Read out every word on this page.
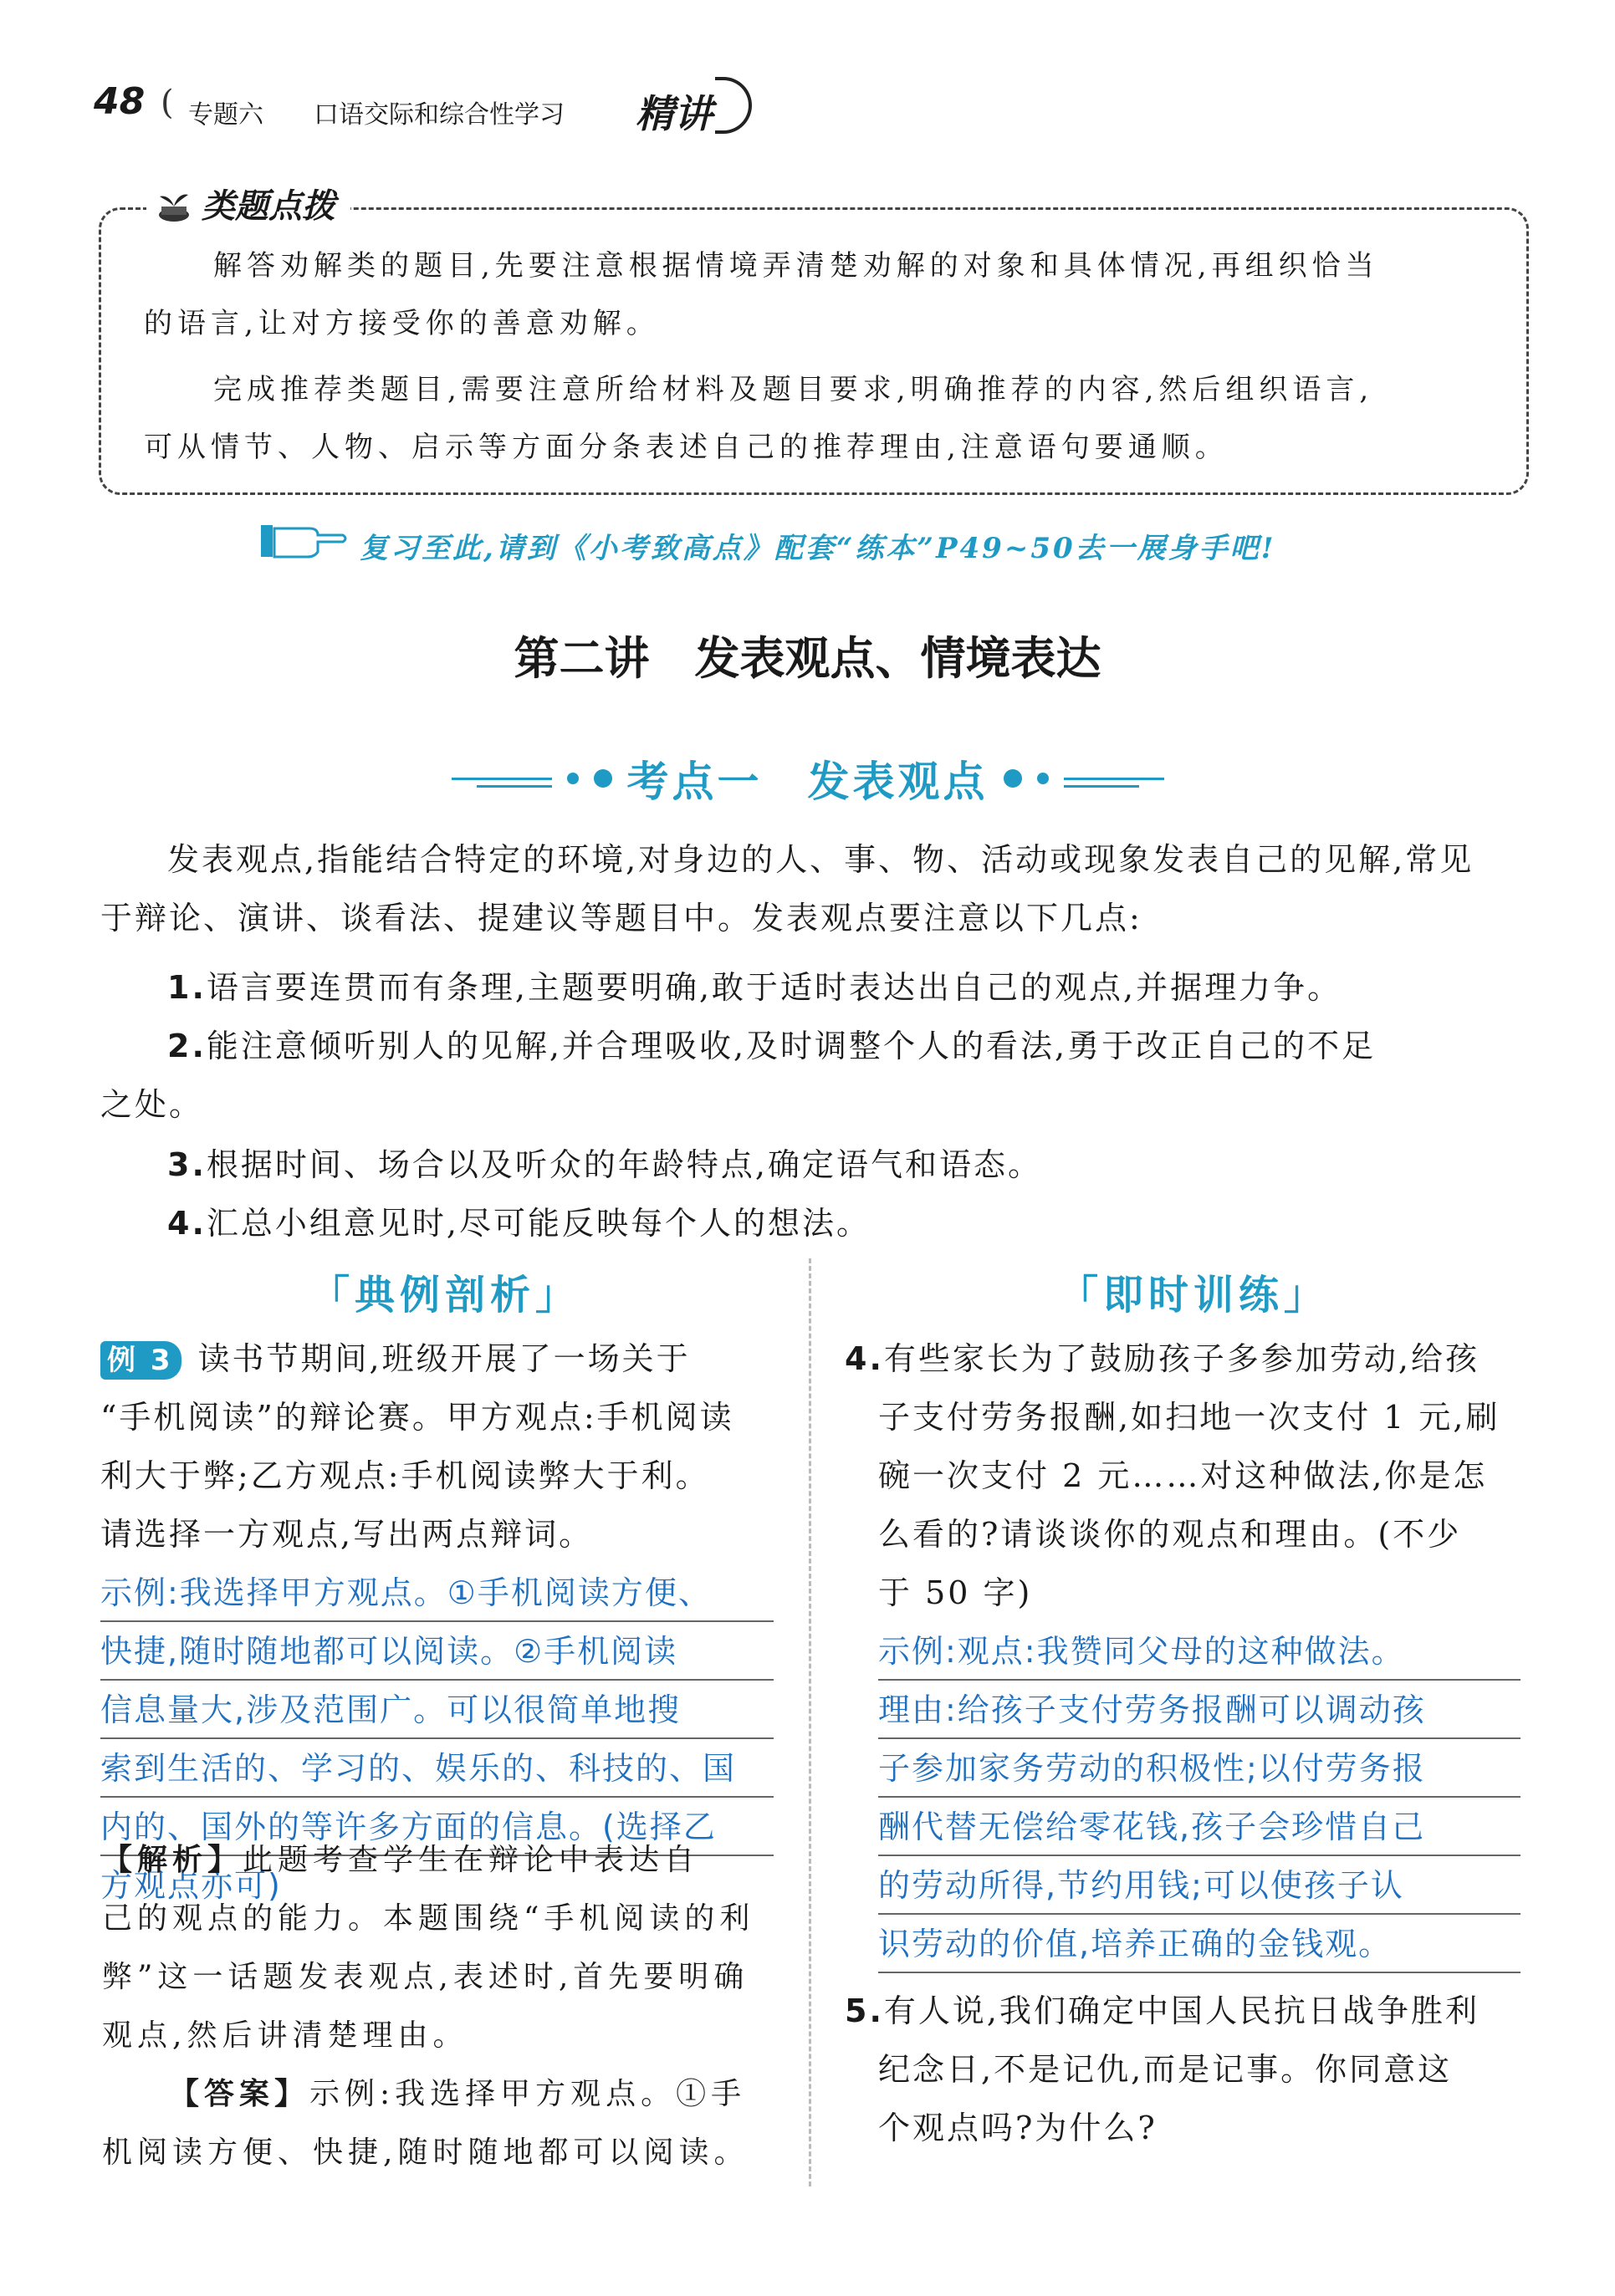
48 ( 专题六 口语交际和综合性学习 精讲
类题点拨
解答劝解类的题目,先要注意根据情境弄清楚劝解的对象和具体情况,再组织恰当
的语言,让对方接受你的善意劝解。
完成推荐类题目,需要注意所给材料及题目要求,明确推荐的内容,然后组织语言,
可从情节、人物、启示等方面分条表述自己的推荐理由,注意语句要通顺。
复习至此,请到《小考致高点》配套“练本”P49~50去一展身手吧!
第二讲　发表观点、情境表达
考点一　发表观点
发表观点,指能结合特定的环境,对身边的人、事、物、活动或现象发表自己的见解,常见
于辩论、演讲、谈看法、提建议等题目中。发表观点要注意以下几点:
1.语言要连贯而有条理,主题要明确,敢于适时表达出自己的观点,并据理力争。
2.能注意倾听别人的见解,并合理吸收,及时调整个人的看法,勇于改正自己的不足
之处。
3.根据时间、场合以及听众的年龄特点,确定语气和语态。
4.汇总小组意见时,尽可能反映每个人的想法。
「典例剖析」	「即时训练」
例 3 读书节期间,班级开展了一场关于
“手机阅读”的辩论赛。甲方观点:手机阅读
利大于弊;乙方观点:手机阅读弊大于利。
请选择一方观点,写出两点辩词。
示例:我选择甲方观点。①手机阅读方便、
快捷,随时随地都可以阅读。②手机阅读
信息量大,涉及范围广。可以很简单地搜
索到生活的、学习的、娱乐的、科技的、国
内的、国外的等许多方面的信息。(选择乙
方观点亦可)
【解析】此题考查学生在辩论中表达自
己的观点的能力。本题围绕“手机阅读的利
弊”这一话题发表观点,表述时,首先要明确
观点,然后讲清楚理由。
【答案】示例:我选择甲方观点。①手
机阅读方便、快捷,随时随地都可以阅读。
4.有些家长为了鼓励孩子多参加劳动,给孩
子支付劳务报酬,如扫地一次支付 1 元,刷
碗一次支付 2 元……对这种做法,你是怎
么看的?请谈谈你的观点和理由。(不少
于 50 字)
示例:观点:我赞同父母的这种做法。
理由:给孩子支付劳务报酬可以调动孩
子参加家务劳动的积极性;以付劳务报
酬代替无偿给零花钱,孩子会珍惜自己
的劳动所得,节约用钱;可以使孩子认
识劳动的价值,培养正确的金钱观。
5.有人说,我们确定中国人民抗日战争胜利
纪念日,不是记仇,而是记事。你同意这
个观点吗?为什么?
